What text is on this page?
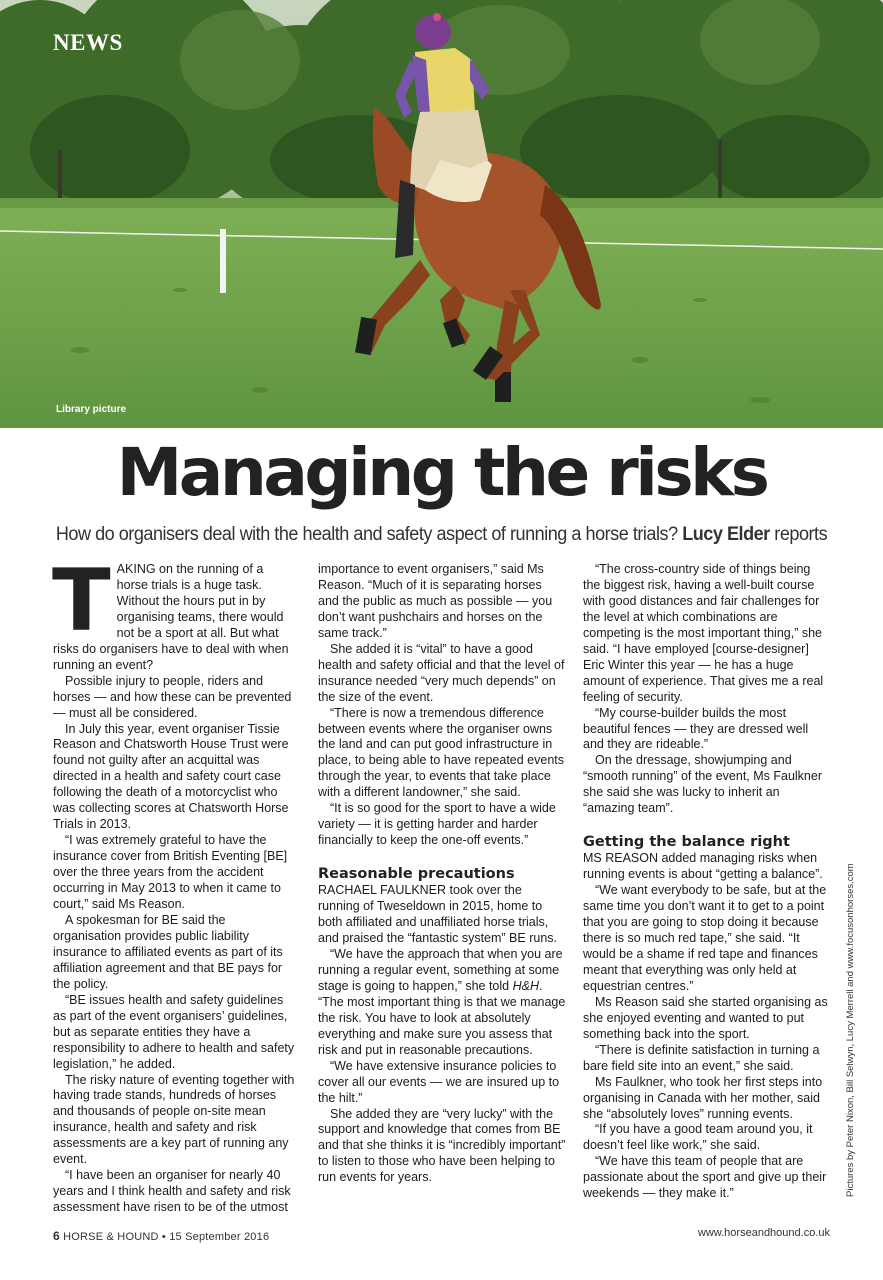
NEWS
Library picture
Managing the risks
How do organisers deal with the health and safety aspect of running a horse trials? Lucy Elder reports

TAKING on the running of a horse trials is a huge task. Without the hours put in by organising teams, there would not be a sport at all. But what risks do organisers have to deal with when running an event?

Possible injury to people, riders and horses — and how these can be prevented — must all be considered.

In July this year, event organiser Tissie Reason and Chatsworth House Trust were found not guilty after an acquittal was directed in a health and safety court case following the death of a motorcyclist who was collecting scores at Chatsworth Horse Trials in 2013.

“I was extremely grateful to have the insurance cover from British Eventing [BE] over the three years from the accident occurring in May 2013 to when it came to court,” said Ms Reason.

A spokesman for BE said the organisation provides public liability insurance to affiliated events as part of its affiliation agreement and that BE pays for the policy.

“BE issues health and safety guidelines as part of the event organisers’ guidelines, but as separate entities they have a responsibility to adhere to health and safety legislation,” he added.

The risky nature of eventing together with having trade stands, hundreds of horses and thousands of people on-site mean insurance, health and safety and risk assessments are a key part of running any event.

“I have been an organiser for nearly 40 years and I think health and safety and risk assessment have risen to be of the utmost

importance to event organisers,” said Ms Reason. “Much of it is separating horses and the public as much as possible — you don’t want pushchairs and horses on the same track.”

She added it is “vital” to have a good health and safety official and that the level of insurance needed “very much depends” on the size of the event.

“There is now a tremendous difference between events where the organiser owns the land and can put good infrastructure in place, to being able to have repeated events through the year, to events that take place with a different landowner,” she said.

“It is so good for the sport to have a wide variety — it is getting harder and harder financially to keep the one-off events.”

Reasonable precautions

RACHAEL FAULKNER took over the running of Tweseldown in 2015, home to both affiliated and unaffiliated horse trials, and praised the “fantastic system” BE runs.

“We have the approach that when you are running a regular event, something at some stage is going to happen,” she told H&H. “The most important thing is that we manage the risk. You have to look at absolutely everything and make sure you assess that risk and put in reasonable precautions.

“We have extensive insurance policies to cover all our events — we are insured up to the hilt.”

She added they are “very lucky” with the support and knowledge that comes from BE and that she thinks it is “incredibly important” to listen to those who have been helping to run events for years.

“The cross-country side of things being the biggest risk, having a well-built course with good distances and fair challenges for the level at which combinations are competing is the most important thing,” she said. “I have employed [course-designer] Eric Winter this year — he has a huge amount of experience. That gives me a real feeling of security.

“My course-builder builds the most beautiful fences — they are dressed well and they are rideable.”

On the dressage, showjumping and “smooth running” of the event, Ms Faulkner she said she was lucky to inherit an “amazing team”.

Getting the balance right

MS REASON added managing risks when running events is about “getting a balance”.

“We want everybody to be safe, but at the same time you don’t want it to get to a point that you are going to stop doing it because there is so much red tape,” she said. “It would be a shame if red tape and finances meant that everything was only held at equestrian centres.”

Ms Reason said she started organising as she enjoyed eventing and wanted to put something back into the sport.

“There is definite satisfaction in turning a bare field site into an event,” she said.

Ms Faulkner, who took her first steps into organising in Canada with her mother, said she “absolutely loves” running events.

“If you have a good team around you, it doesn’t feel like work,” she said.

“We have this team of people that are passionate about the sport and give up their weekends — they make it.”	Pictures by Peter Nixon, Bill Selwyn, Lucy Merrell and www.focusonhorses.com
6 HORSE & HOUND • 15 September 2016	www.horseandhound.co.uk
